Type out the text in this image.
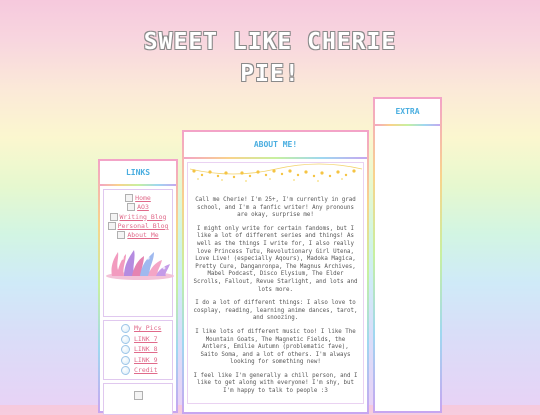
SWEET LIKE CHERIE
PIE!
LINKS
Home
AO3
Writing Blog
Personal Blog
About Me
My Pics
LINK 7
LINK 8
LINK 9
Credit
ABOUT ME!

Call me Cherie! I'm 25+, I'm currently in grad school, and I'm a fanfic writer! Any pronouns are okay, surprise me!

I might only write for certain fandoms, but I like a lot of different series and things! As well as the things I write for, I also really love Princess Tutu, Revolutionary Girl Utena, Love Live! (especially Aqours), Madoka Magica, Pretty Cure, Danganronpa, The Magnus Archives, Mabel Podcast, Disco Elysium, The Elder Scrolls, Fallout, Revue Starlight, and lots and lots more.

I do a lot of different things: I also love to cosplay, reading, learning anime dances, tarot, and snoozing.

I like lots of different music too! I like The Mountain Goats, The Magnetic Fields, the Antlers, Emilie Autumn (problematic fave), Saito Soma, and a lot of others. I'm always looking for something new!

I feel like I'm generally a chill person, and I like to get along with everyone! I'm shy, but I'm happy to talk to people :3

EXTRA
